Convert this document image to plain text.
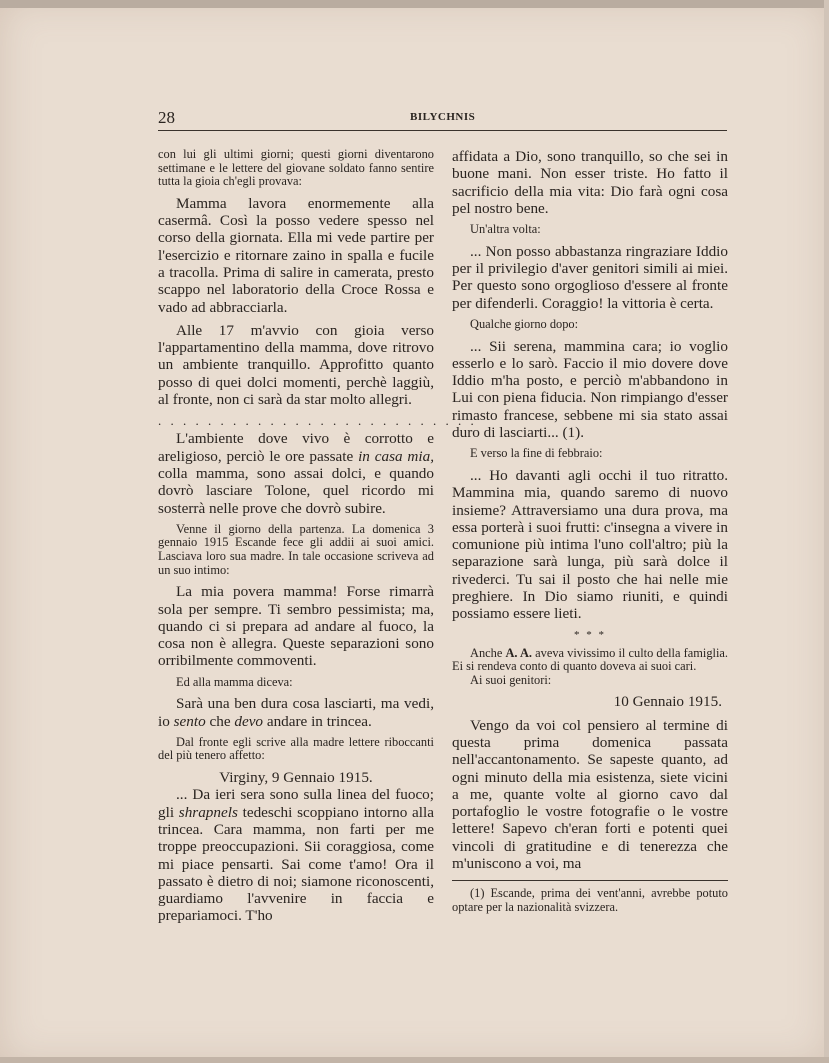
28	BILYCHNIS

con lui gli ultimi giorni; questi giorni diventarono settimane e le lettere del giovane soldato fanno sentire tutta la gioia ch'egli provava:

Mamma lavora enormemente alla casermâ. Così la posso vedere spesso nel corso della giornata. Ella mi vede partire per l'esercizio e ritornare zaino in spalla e fucile a tracolla. Prima di salire in camerata, presto scappo nel laboratorio della Croce Rossa e vado ad abbracciarla.

Alle 17 m'avvio con gioia verso l'appartamentino della mamma, dove ritrovo un ambiente tranquillo. Approfitto quanto posso di quei dolci momenti, perchè laggiù, al fronte, non ci sarà da star molto allegri.

. . . . . . . . . . . . . . . . . . . . . . . . . .

L'ambiente dove vivo è corrotto e areligioso, perciò le ore passate in casa mia, colla mamma, sono assai dolci, e quando dovrò lasciare Tolone, quel ricordo mi sosterrà nelle prove che dovrò subire.

Venne il giorno della partenza. La domenica 3 gennaio 1915 Escande fece gli addii ai suoi amici. Lasciava loro sua madre. In tale occasione scriveva ad un suo intimo:

La mia povera mamma! Forse rimarrà sola per sempre. Ti sembro pessimista; ma, quando ci si prepara ad andare al fuoco, la cosa non è allegra. Queste separazioni sono orribilmente commoventi.

Ed alla mamma diceva:

Sarà una ben dura cosa lasciarti, ma vedi, io sento che devo andare in trincea.

Dal fronte egli scrive alla madre lettere riboccanti del più tenero affetto:

Virginy, 9 Gennaio 1915.

... Da ieri sera sono sulla linea del fuoco; gli shrapnels tedeschi scoppiano intorno alla trincea. Cara mamma, non farti per me troppe preoccupazioni. Sii coraggiosa, come mi piace pensarti. Sai come t'amo! Ora il passato è dietro di noi; siamone riconoscenti, guardiamo l'avvenire in faccia e prepariamoci. T'ho

affidata a Dio, sono tranquillo, so che sei in buone mani. Non esser triste. Ho fatto il sacrificio della mia vita: Dio farà ogni cosa pel nostro bene.

Un'altra volta:

... Non posso abbastanza ringraziare Iddio per il privilegio d'aver genitori simili ai miei. Per questo sono orgoglioso d'essere al fronte per difenderli. Coraggio! la vittoria è certa.

Qualche giorno dopo:

... Sii serena, mammina cara; io voglio esserlo e lo sarò. Faccio il mio dovere dove Iddio m'ha posto, e perciò m'abbandono in Lui con piena fiducia. Non rimpiango d'esser rimasto francese, sebbene mi sia stato assai duro di lasciarti... (1).

E verso la fine di febbraio:

... Ho davanti agli occhi il tuo ritratto. Mammina mia, quando saremo di nuovo insieme? Attraversiamo una dura prova, ma essa porterà i suoi frutti: c'insegna a vivere in comunione più intima l'uno coll'altro; più la separazione sarà lunga, più sarà dolce il rivederci. Tu sai il posto che hai nelle mie preghiere. In Dio siamo riuniti, e quindi possiamo essere lieti.

* * *

Anche A. A. aveva vivissimo il culto della famiglia. Ei si rendeva conto di quanto doveva ai suoi cari.

Ai suoi genitori:

10 Gennaio 1915.

Vengo da voi col pensiero al termine di questa prima domenica passata nell'accantonamento. Se sapeste quanto, ad ogni minuto della mia esistenza, siete vicini a me, quante volte al giorno cavo dal portafoglio le vostre fotografie o le vostre lettere! Sapevo ch'eran forti e potenti quei vincoli di gratitudine e di tenerezza che m'uniscono a voi, ma

(1) Escande, prima dei vent'anni, avrebbe potuto optare per la nazionalità svizzera.
